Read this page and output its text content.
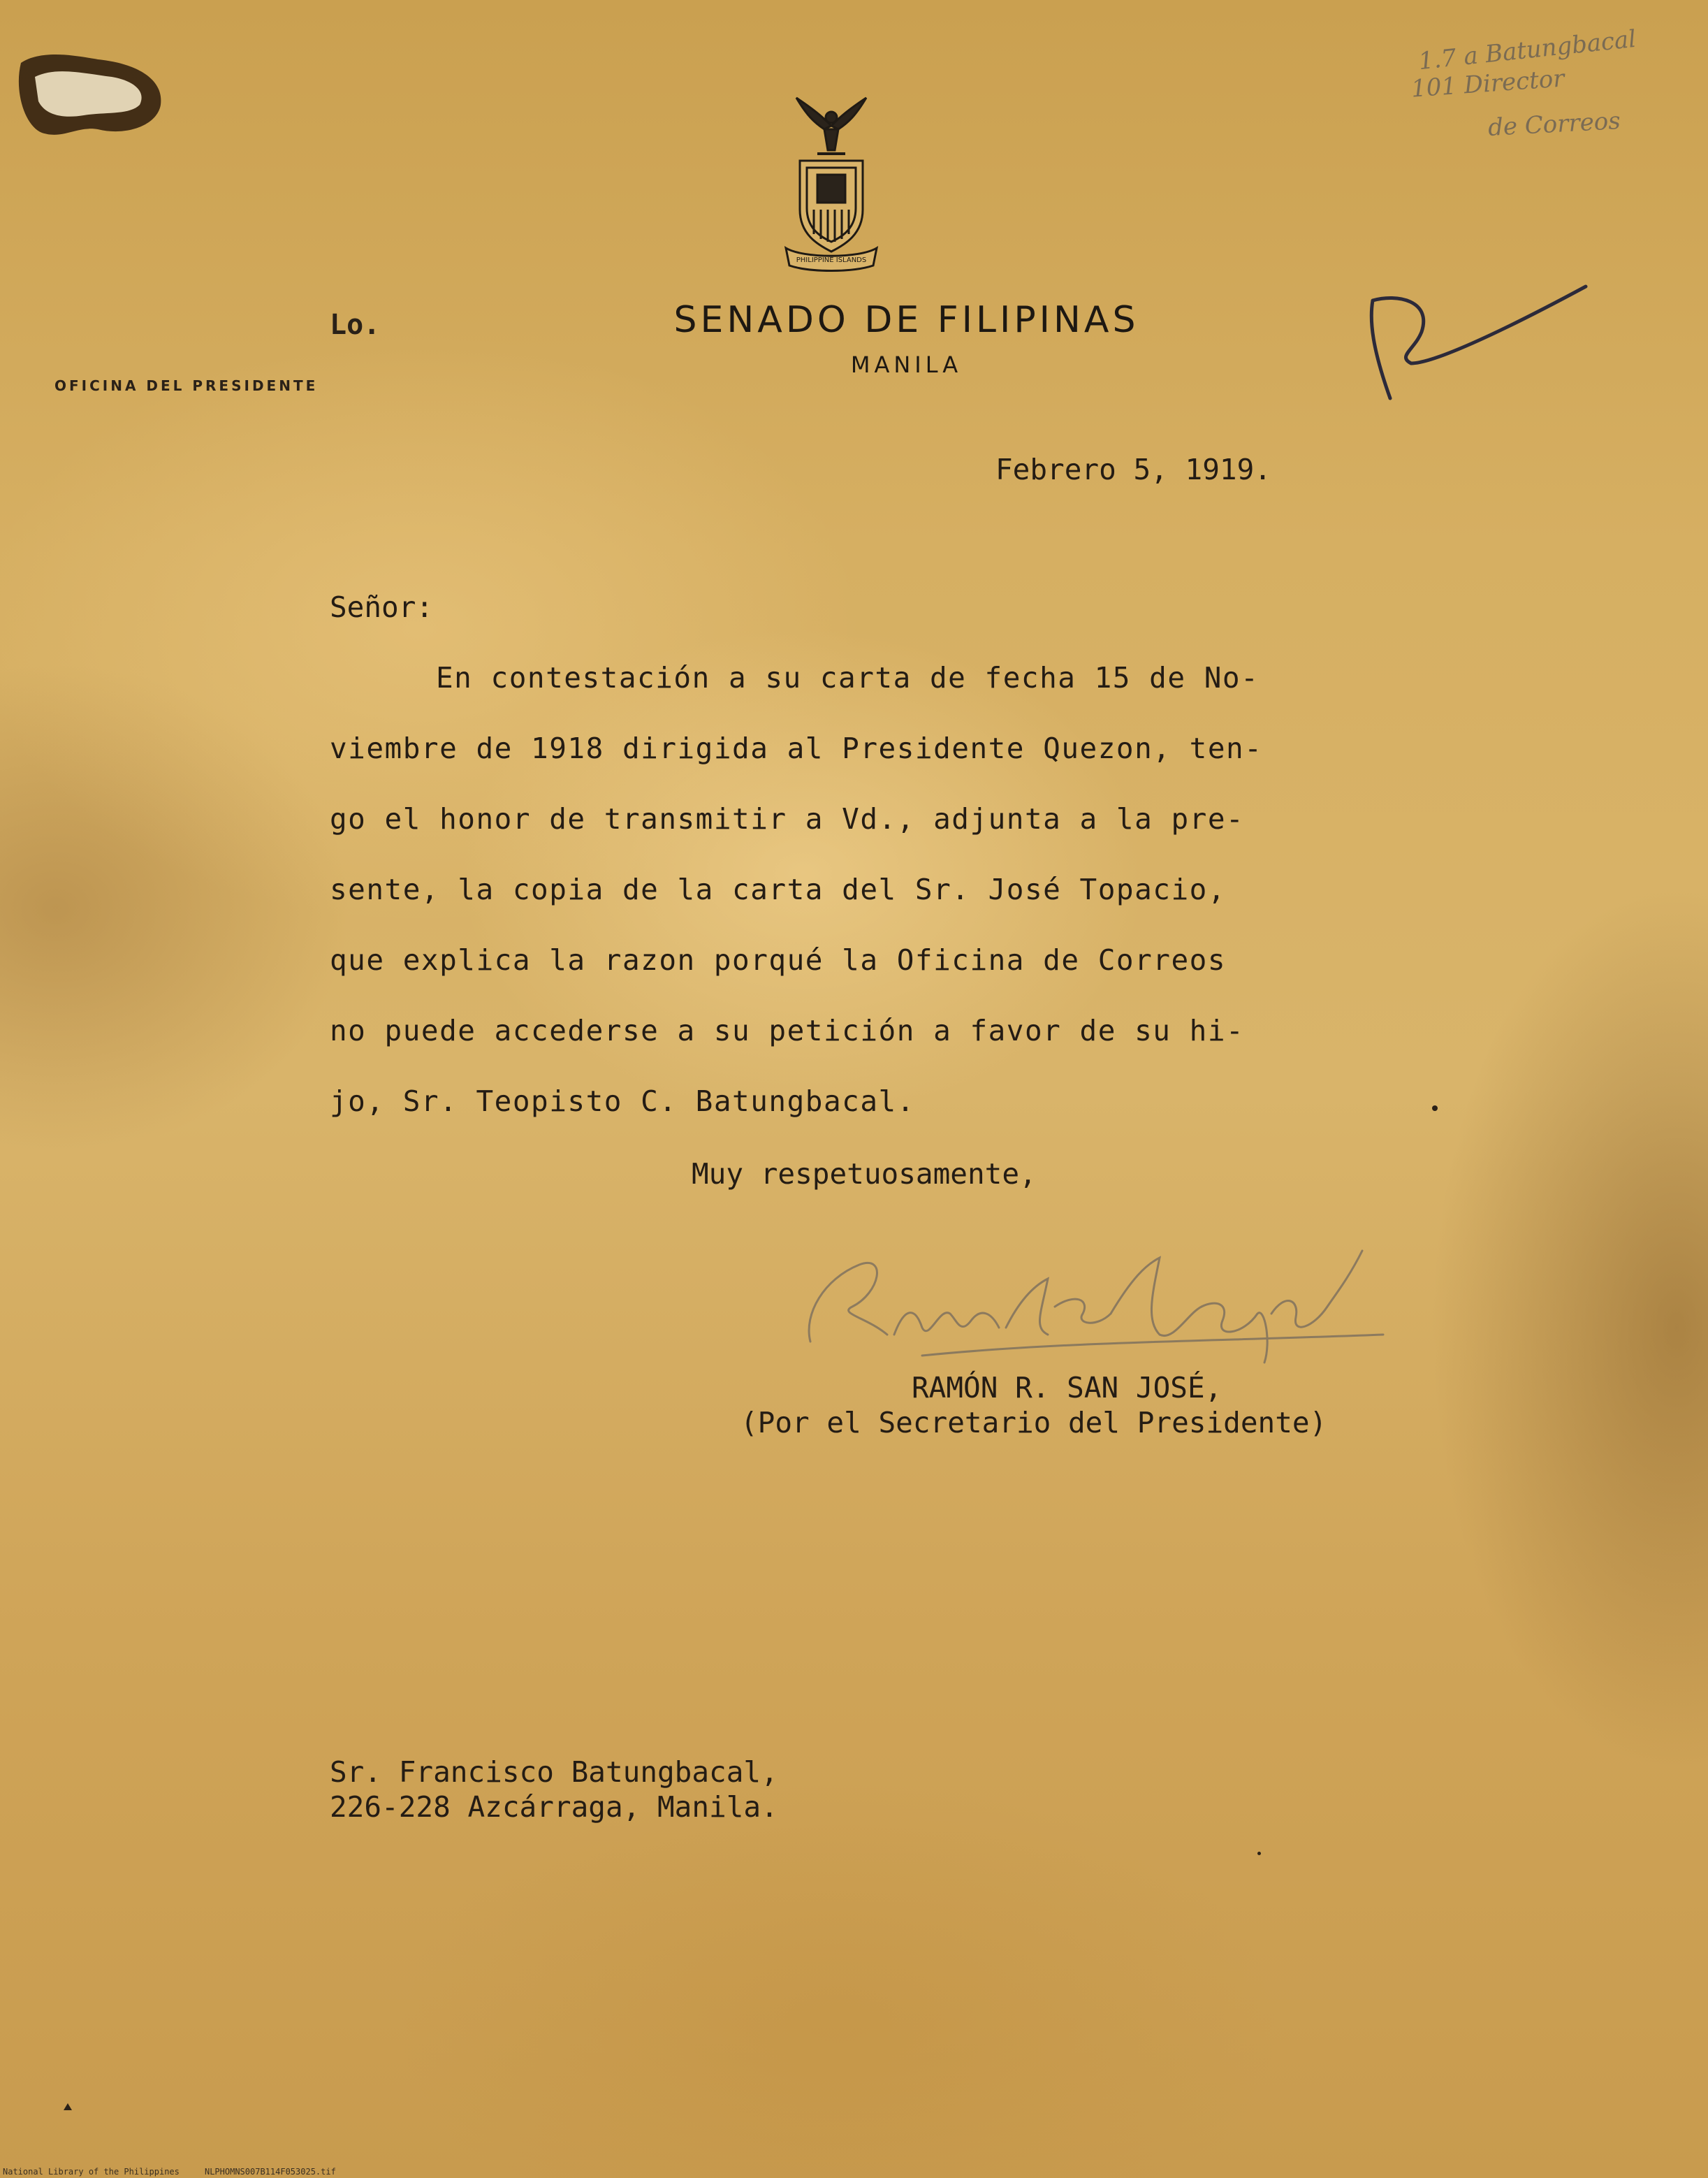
PHILIPPINE ISLANDS
Lo.	SENADO DE FILIPINAS
MANILA
OFICINA DEL PRESIDENTE
1.7 a Batungbacal
101 Director
de Correos
Febrero 5, 1919.
Señor:
En contestación a su carta de fecha 15 de No-
viembre de 1918 dirigida al Presidente Quezon, ten-
go el honor de transmitir a Vd., adjunta a la pre-
sente, la copia de la carta del Sr. José Topacio,
que explica la razon porqué la Oficina de Correos
no puede accederse a su petición a favor de su hi-
jo, Sr. Teopisto C. Batungbacal.
Muy respetuosamente,
RAMÓN R. SAN JOSÉ,
(Por el Secretario del Presidente)
Sr. Francisco Batungbacal,
226-228 Azcárraga, Manila.
National Library of the Philippines     NLPHOMNS007B114F053025.tif
